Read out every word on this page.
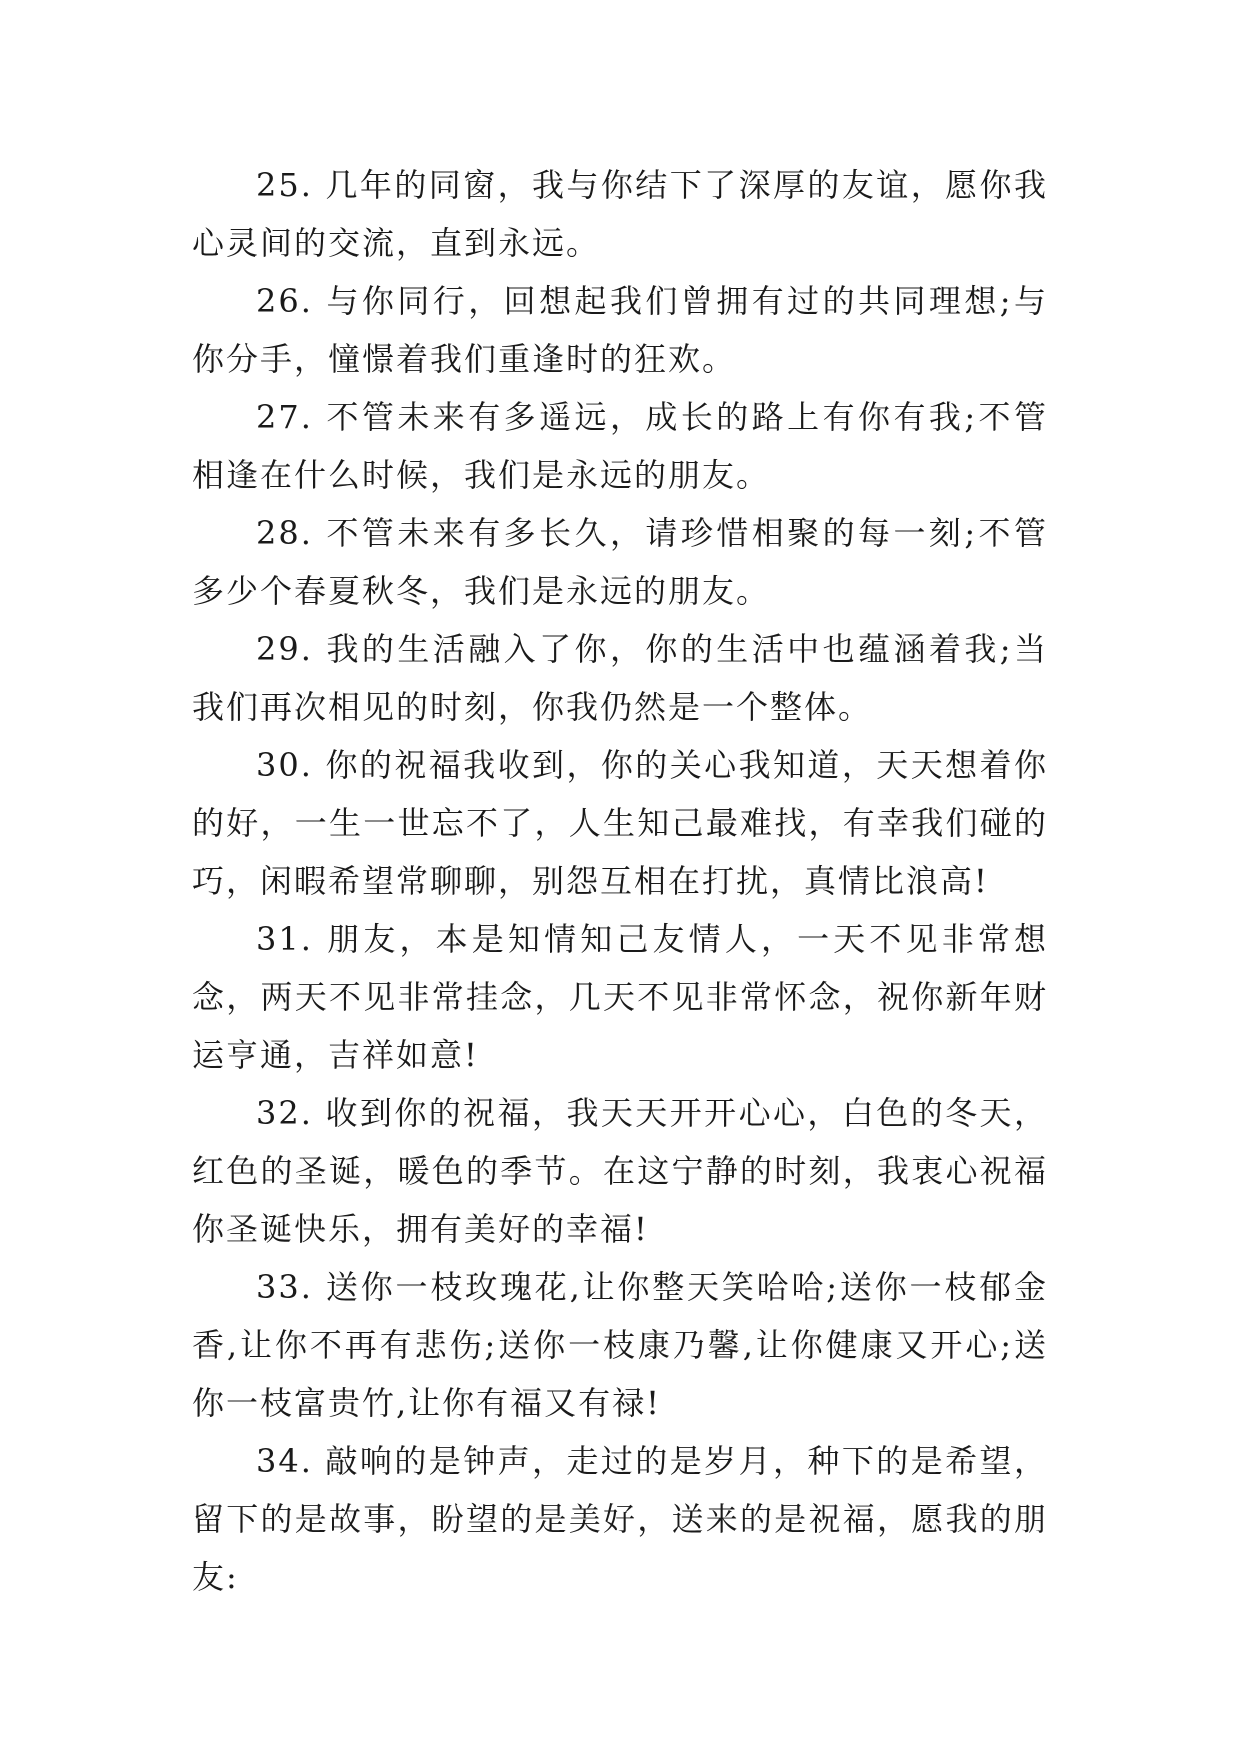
25. 几年的同窗，我与你结下了深厚的友谊，愿你我心灵间的交流，直到永远。

26. 与你同行，回想起我们曾拥有过的共同理想;与你分手，憧憬着我们重逢时的狂欢。

27. 不管未来有多遥远，成长的路上有你有我;不管相逢在什么时候，我们是永远的朋友。

28. 不管未来有多长久，请珍惜相聚的每一刻;不管多少个春夏秋冬，我们是永远的朋友。

29. 我的生活融入了你，你的生活中也蕴涵着我;当我们再次相见的时刻，你我仍然是一个整体。

30. 你的祝福我收到，你的关心我知道，天天想着你的好，一生一世忘不了，人生知己最难找，有幸我们碰的巧，闲暇希望常聊聊，别怨互相在打扰，真情比浪高!

31. 朋友，本是知情知己友情人，一天不见非常想念，两天不见非常挂念，几天不见非常怀念，祝你新年财运亨通，吉祥如意!

32. 收到你的祝福，我天天开开心心，白色的冬天，红色的圣诞，暖色的季节。在这宁静的时刻，我衷心祝福你圣诞快乐，拥有美好的幸福!

33. 送你一枝玫瑰花,让你整天笑哈哈;送你一枝郁金香,让你不再有悲伤;送你一枝康乃馨,让你健康又开心;送你一枝富贵竹,让你有福又有禄!

34. 敲响的是钟声，走过的是岁月，种下的是希望，留下的是故事，盼望的是美好，送来的是祝福，愿我的朋友:
